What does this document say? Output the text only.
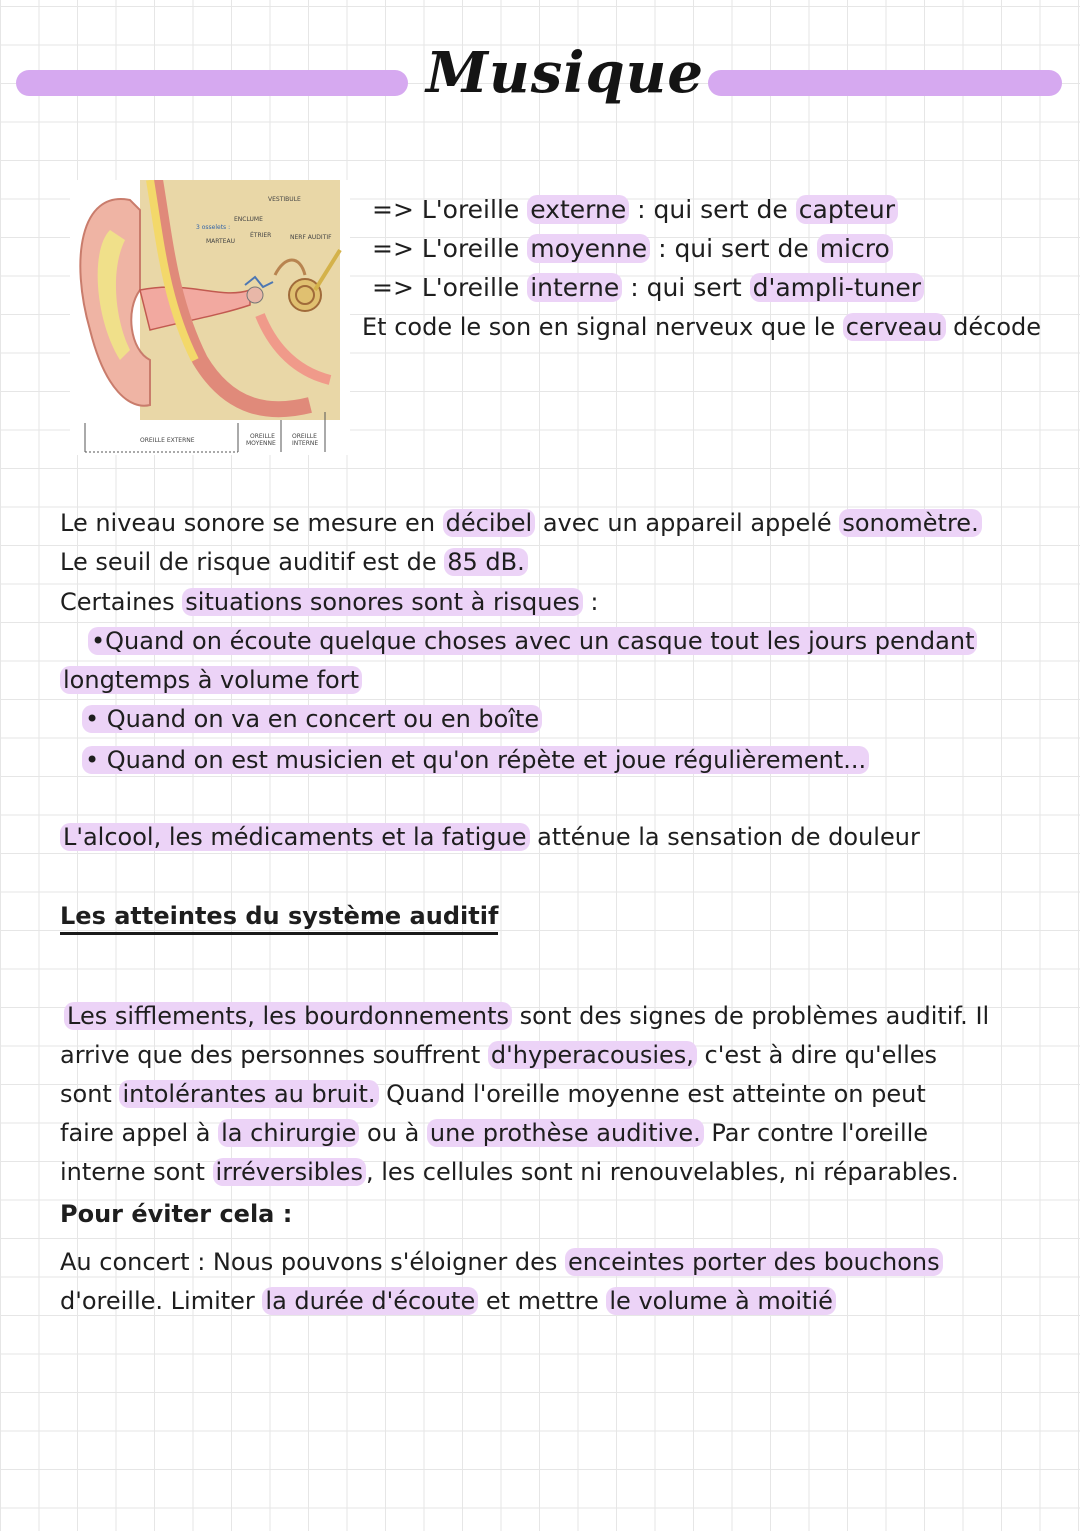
Musique
3 osselets :
ENCLUME
MARTEAU
ÉTRIER
VESTIBULE
NERF AUDITIF
OREILLE EXTERNE
OREILLE
MOYENNE
OREILLE
INTERNE
=> L'oreille externe : qui sert de capteur
=> L'oreille moyenne : qui sert de micro
=> L'oreille interne : qui sert d'ampli-tuner
Et code le son en signal nerveux que le cerveau décode
Le niveau sonore se mesure en décibel avec un appareil appelé sonomètre.
Le seuil de risque auditif est de 85 dB.
Certaines situations sonores sont à risques :
•Quand on écoute quelque choses avec un casque tout les jours pendant
longtemps à volume fort
• Quand on va en concert ou en boîte
• Quand on est musicien et qu'on répète et joue régulièrement...
L'alcool, les médicaments et la fatigue atténue la sensation de douleur
Les atteintes du système auditif
Les sifflements, les bourdonnements sont des signes de problèmes auditif. Il
arrive que des personnes souffrent d'hyperacousies, c'est à dire qu'elles
sont intolérantes au bruit. Quand l'oreille moyenne est atteinte on peut
faire appel à la chirurgie ou à une prothèse auditive. Par contre l'oreille
interne sont irréversibles , les cellules sont ni renouvelables, ni réparables.
Pour éviter cela :
Au concert : Nous pouvons s'éloigner des enceintes porter des bouchons
d'oreille. Limiter la durée d'écoute et mettre le volume à moitié
